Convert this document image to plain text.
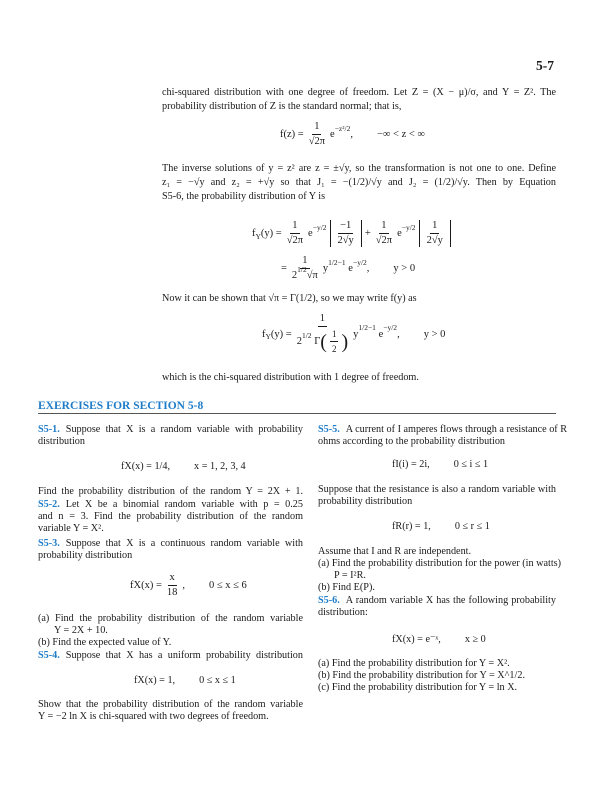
5-7
chi-squared distribution with one degree of freedom. Let Z = (X − μ)/σ, and Y = Z². The
probability distribution of Z is the standard normal; that is,
$f(z) = \frac{1}{√2\pi}$ e
$^{-z^2/2}$
, −∞ < z < ∞
The inverse solutions of y = z² are z = ±√y, so the transformation is not one to one. Define
z₁ = −√y and z₂ = +√y so that J₁ = −(1/2)/√y and J₂ = (1/2)/√y. Then by Equation
S5-6, the probability distribution of Y is
$f_Y$ $(y) = \frac{1}{√2\pi}$ e
$^{-y/2} \frac{-1}{2√y} + \frac{1}{√2\pi}$ e
$^{-y/2} \frac{1}{2√y}$
= $\frac{1}{2^{1/2}√\pi}$ y
$^{1/2-1}$

e
$^{-y/2}$
, y > 0
Now it can be shown that √π = Γ(1/2), so we may write f(y) as
$f_Y$ (y) = 1
2
$^{1/2}$

Γ ( $\frac{1}{2}$ ) y
$^{1/2-1}$

e
$^{-y/2}$
, y > 0
which is the chi-squared distribution with 1 degree of freedom.
EXERCISES FOR SECTION 5-8
S5-1. Suppose that X is a random variable with probability
distribution
fX(x) = 1/4, x = 1, 2, 3, 4
Find the probability distribution of the random Y = 2X + 1.
S5-2. Let X be a binomial random variable with p = 0.25
and n = 3. Find the probability distribution of the random
variable Y = X².
S5-3. Suppose that X is a continuous random variable with
probability distribution
$fX(x) = \frac{x}{18}$ , 0 ≤ x ≤ 6
(a) Find the probability distribution of the random variable
Y = 2X + 10.
(b) Find the expected value of Y.
S5-4. Suppose that X has a uniform probability distribution
fX(x) = 1, 0 ≤ x ≤ 1
Show that the probability distribution of the random variable
Y = −2 ln X is chi-squared with two degrees of freedom.
S5-5. A current of I amperes flows through a resistance of R
ohms according to the probability distribution
fI(i) = 2i, 0 ≤ i ≤ 1
Suppose that the resistance is also a random variable with
probability distribution
fR(r) = 1, 0 ≤ r ≤ 1
Assume that I and R are independent.
(a) Find the probability distribution for the power (in watts)
P = I²R.
(b) Find E(P).
S5-6. A random variable X has the following probability
distribution:
fX(x) = e⁻ˣ, x ≥ 0
(a) Find the probability distribution for Y = X².
(b) Find the probability distribution for Y = X^1/2.
(c) Find the probability distribution for Y = ln X.
